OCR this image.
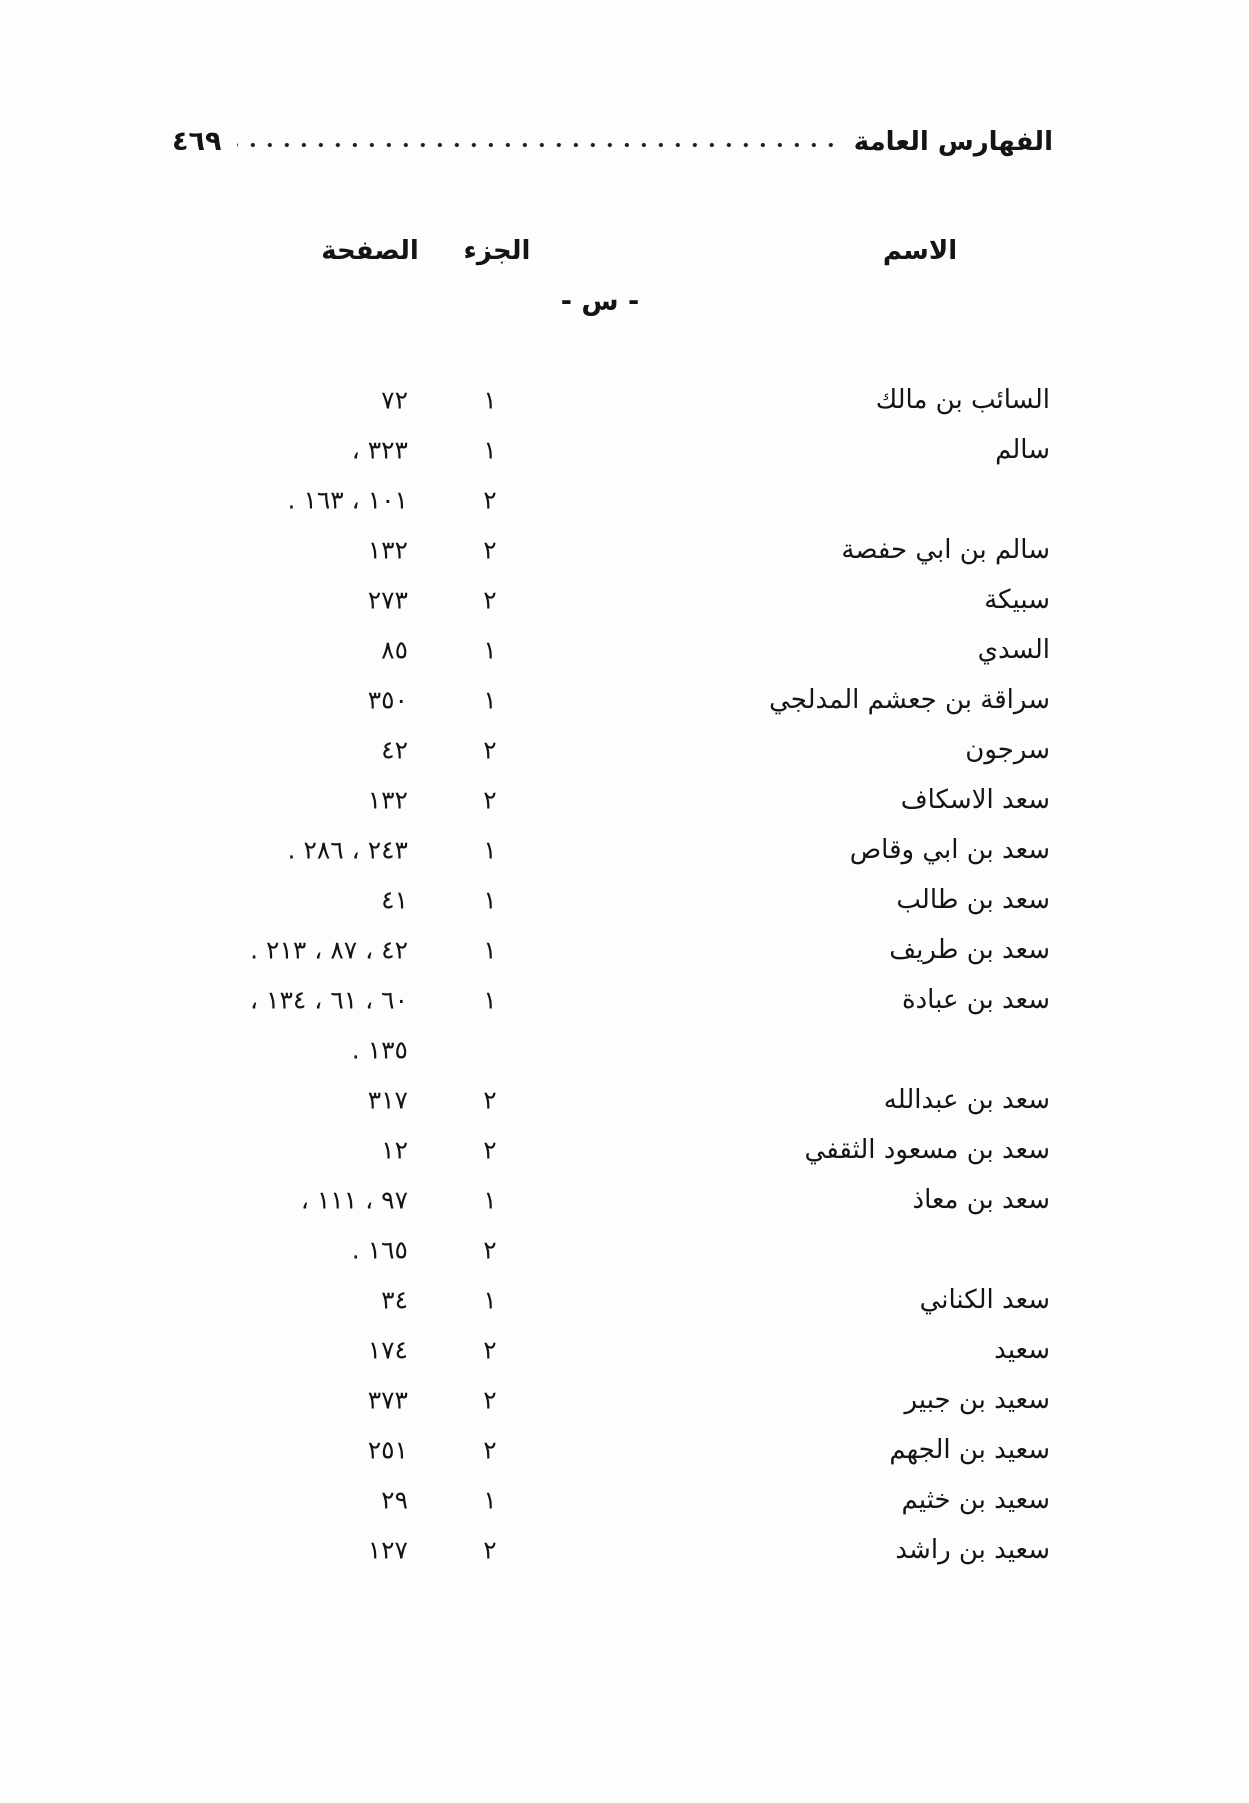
الفهارس العامة
٤٦٩
الاسم
الجزء
الصفحة
- س -
السائب بن مالك
١
٧٢
سالم
١
٣٢٣ ،
٢
١٠١ ، ١٦٣ .
سالم بن ابي حفصة
٢
١٣٢
سبيكة
٢
٢٧٣
السدي
١
٨٥
سراقة بن جعشم المدلجي
١
٣٥٠
سرجون
٢
٤٢
سعد الاسكاف
٢
١٣٢
سعد بن ابي وقاص
١
٢٤٣ ، ٢٨٦ .
سعد بن طالب
١
٤١
سعد بن طريف
١
٤٢ ، ٨٧ ، ٢١٣ .
سعد بن عبادة
١
٦٠ ، ٦١ ، ١٣٤ ،
١٣٥ .
سعد بن عبدالله
٢
٣١٧
سعد بن مسعود الثقفي
٢
١٢
سعد بن معاذ
١
٩٧ ، ١١١ ،
٢
١٦٥ .
سعد الكناني
١
٣٤
سعيد
٢
١٧٤
سعيد بن جبير
٢
٣٧٣
سعيد بن الجهم
٢
٢٥١
سعيد بن خثيم
١
٢٩
سعيد بن راشد
٢
١٢٧
